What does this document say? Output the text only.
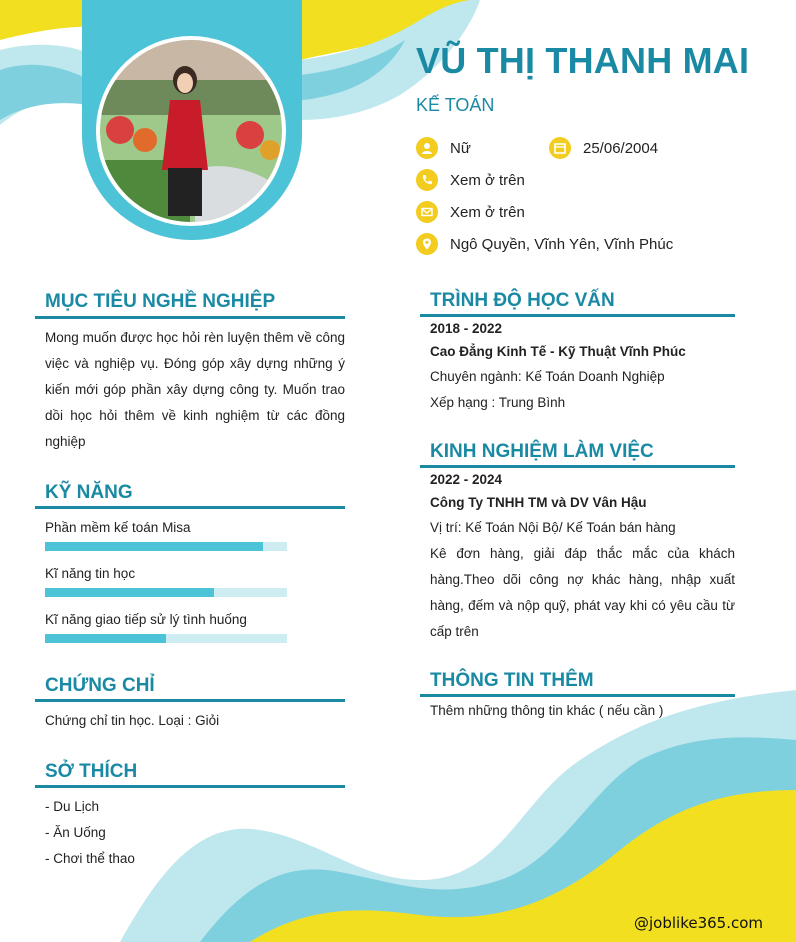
VŨ THỊ THANH MAI
KẾ TOÁN
Nữ	25/06/2004
Xem ở trên
Xem ở trên
Ngô Quyền, Vĩnh Yên, Vĩnh Phúc
MỤC TIÊU NGHỀ NGHIỆP
Mong muốn được học hỏi rèn luyện thêm về công việc và nghiệp vụ. Đóng góp xây dựng những ý kiến mới góp phần xây dựng công ty. Muốn trao dồi học hỏi thêm về kinh nghiệm từ các đồng nghiệp
KỸ NĂNG
Phần mềm kế toán Misa
Kĩ năng tin học
Kĩ năng giao tiếp sử lý tình huống
CHỨNG CHỈ
Chứng chỉ tin học. Loại : Giỏi
SỞ THÍCH
- Du Lịch
- Ăn Uống
- Chơi thể thao
TRÌNH ĐỘ HỌC VẤN
2018 - 2022
Cao Đẳng Kinh Tế - Kỹ Thuật Vĩnh Phúc
Chuyên ngành: Kế Toán Doanh Nghiệp
Xếp hạng : Trung Bình
KINH NGHIỆM LÀM VIỆC
2022 - 2024
Công Ty TNHH TM và DV Vân Hậu
Vị trí: Kế Toán Nội Bộ/ Kế Toán bán hàng
Kê đơn hàng, giải đáp thắc mắc của khách hàng.Theo dõi công nợ khác hàng, nhập xuất hàng, đếm và nộp quỹ, phát vay khi có yêu cầu từ cấp trên
THÔNG TIN THÊM
Thêm những thông tin khác ( nếu cần )
@joblike365.com
